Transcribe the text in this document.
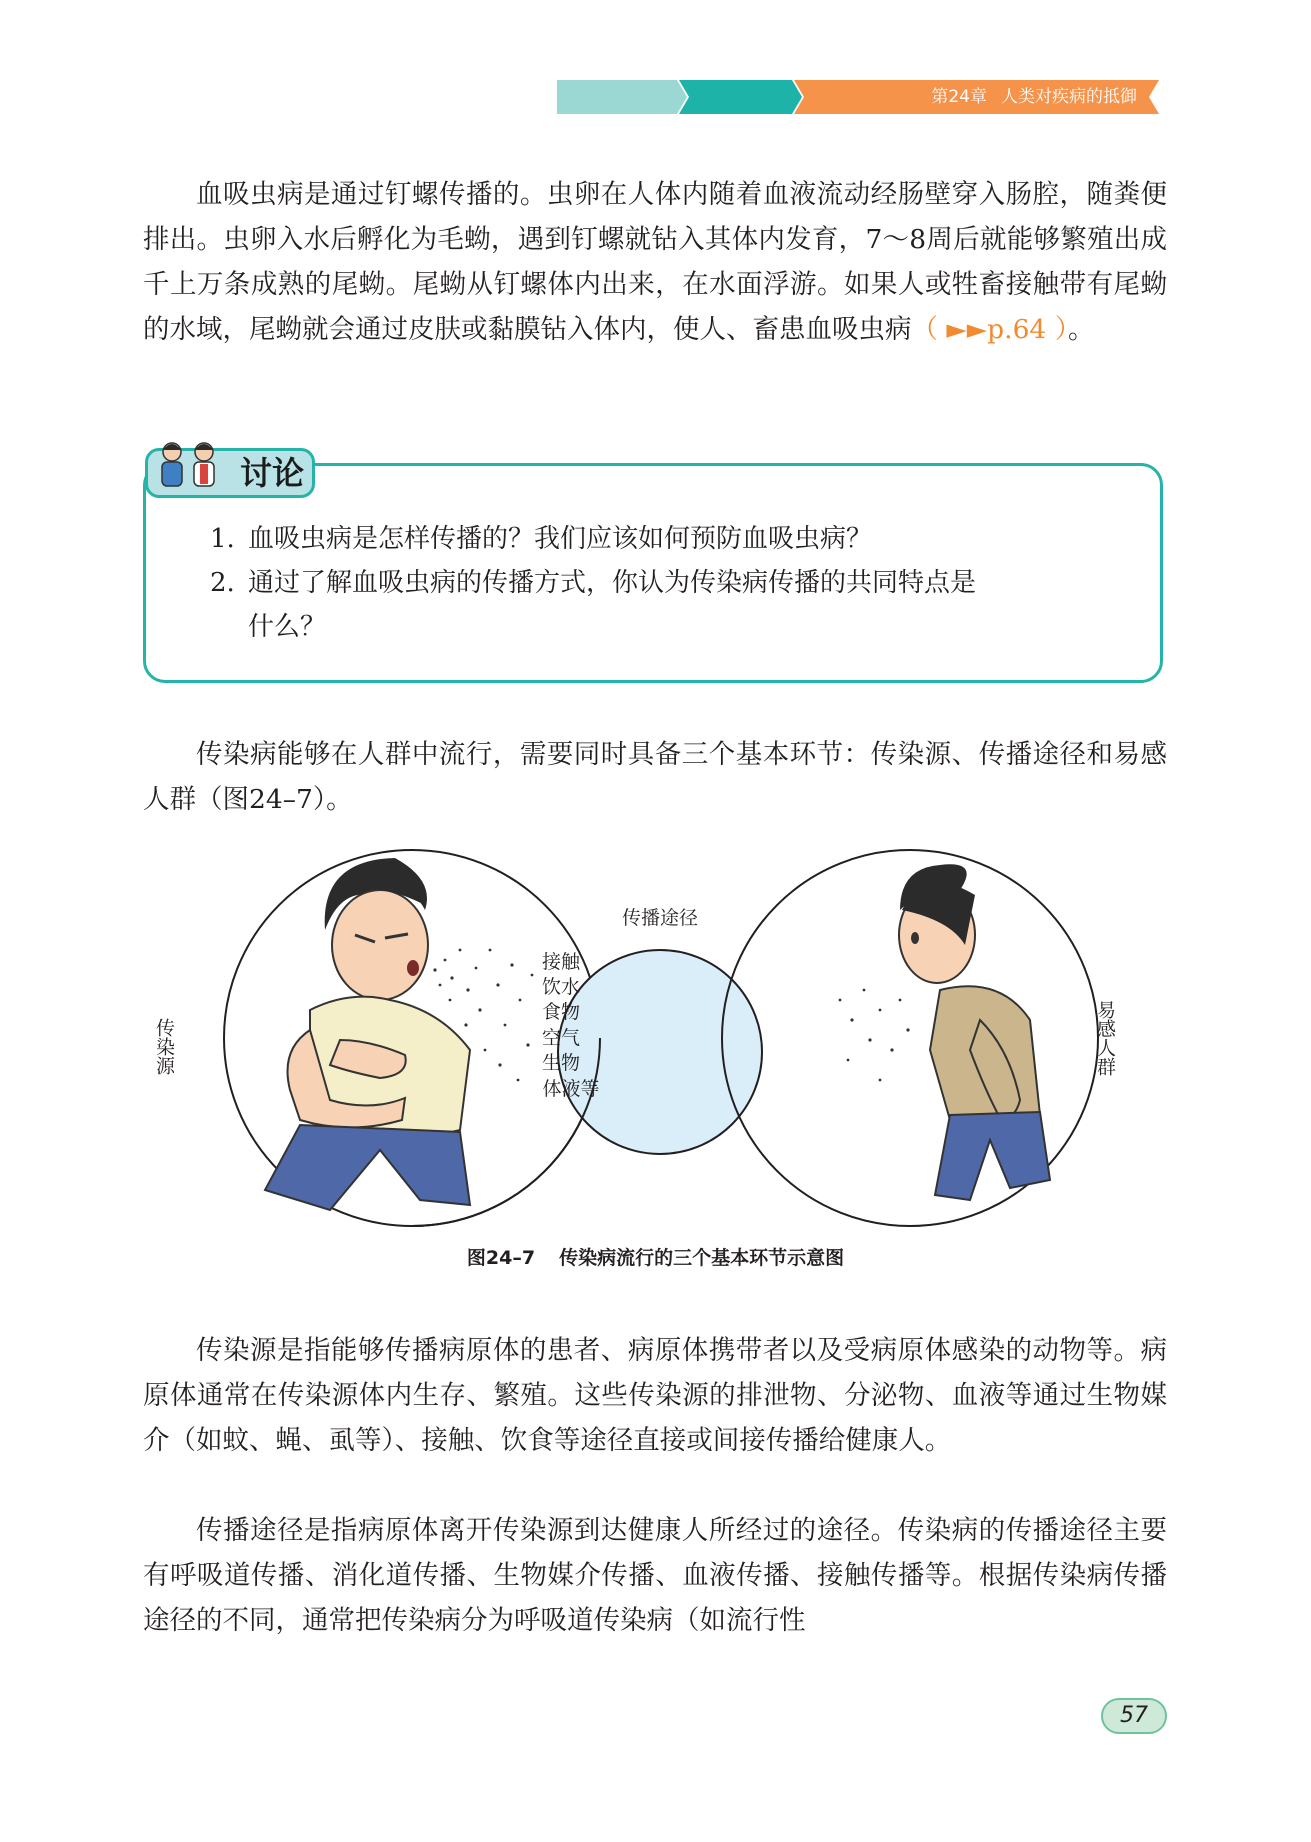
第24章 人类对疾病的抵御

血吸虫病是通过钉螺传播的。虫卵在人体内随着血液流动经肠壁穿入肠腔，随粪便排出。虫卵入水后孵化为毛蚴，遇到钉螺就钻入其体内发育，7～8周后就能够繁殖出成千上万条成熟的尾蚴。尾蚴从钉螺体内出来，在水面浮游。如果人或牲畜接触带有尾蚴的水域，尾蚴就会通过皮肤或黏膜钻入体内，使人、畜患血吸虫病（ ►►p.64 ）。

讨论

1. 血吸虫病是怎样传播的？我们应该如何预防血吸虫病？

2. 通过了解血吸虫病的传播方式，你认为传染病传播的共同特点是

什么？

传染病能够在人群中流行，需要同时具备三个基本环节：传染源、传播途径和易感人群（图24–7）。

传播途径
接触
饮水
食物
空气
生物
体液等
传染源	易感人群
图24–7 传染病流行的三个基本环节示意图

传染源是指能够传播病原体的患者、病原体携带者以及受病原体感染的动物等。病原体通常在传染源体内生存、繁殖。这些传染源的排泄物、分泌物、血液等通过生物媒介（如蚊、蝇、虱等）、接触、饮食等途径直接或间接传播给健康人。

传播途径是指病原体离开传染源到达健康人所经过的途径。传染病的传播途径主要有呼吸道传播、消化道传播、生物媒介传播、血液传播、接触传播等。根据传染病传播途径的不同，通常把传染病分为呼吸道传染病（如流行性

57
